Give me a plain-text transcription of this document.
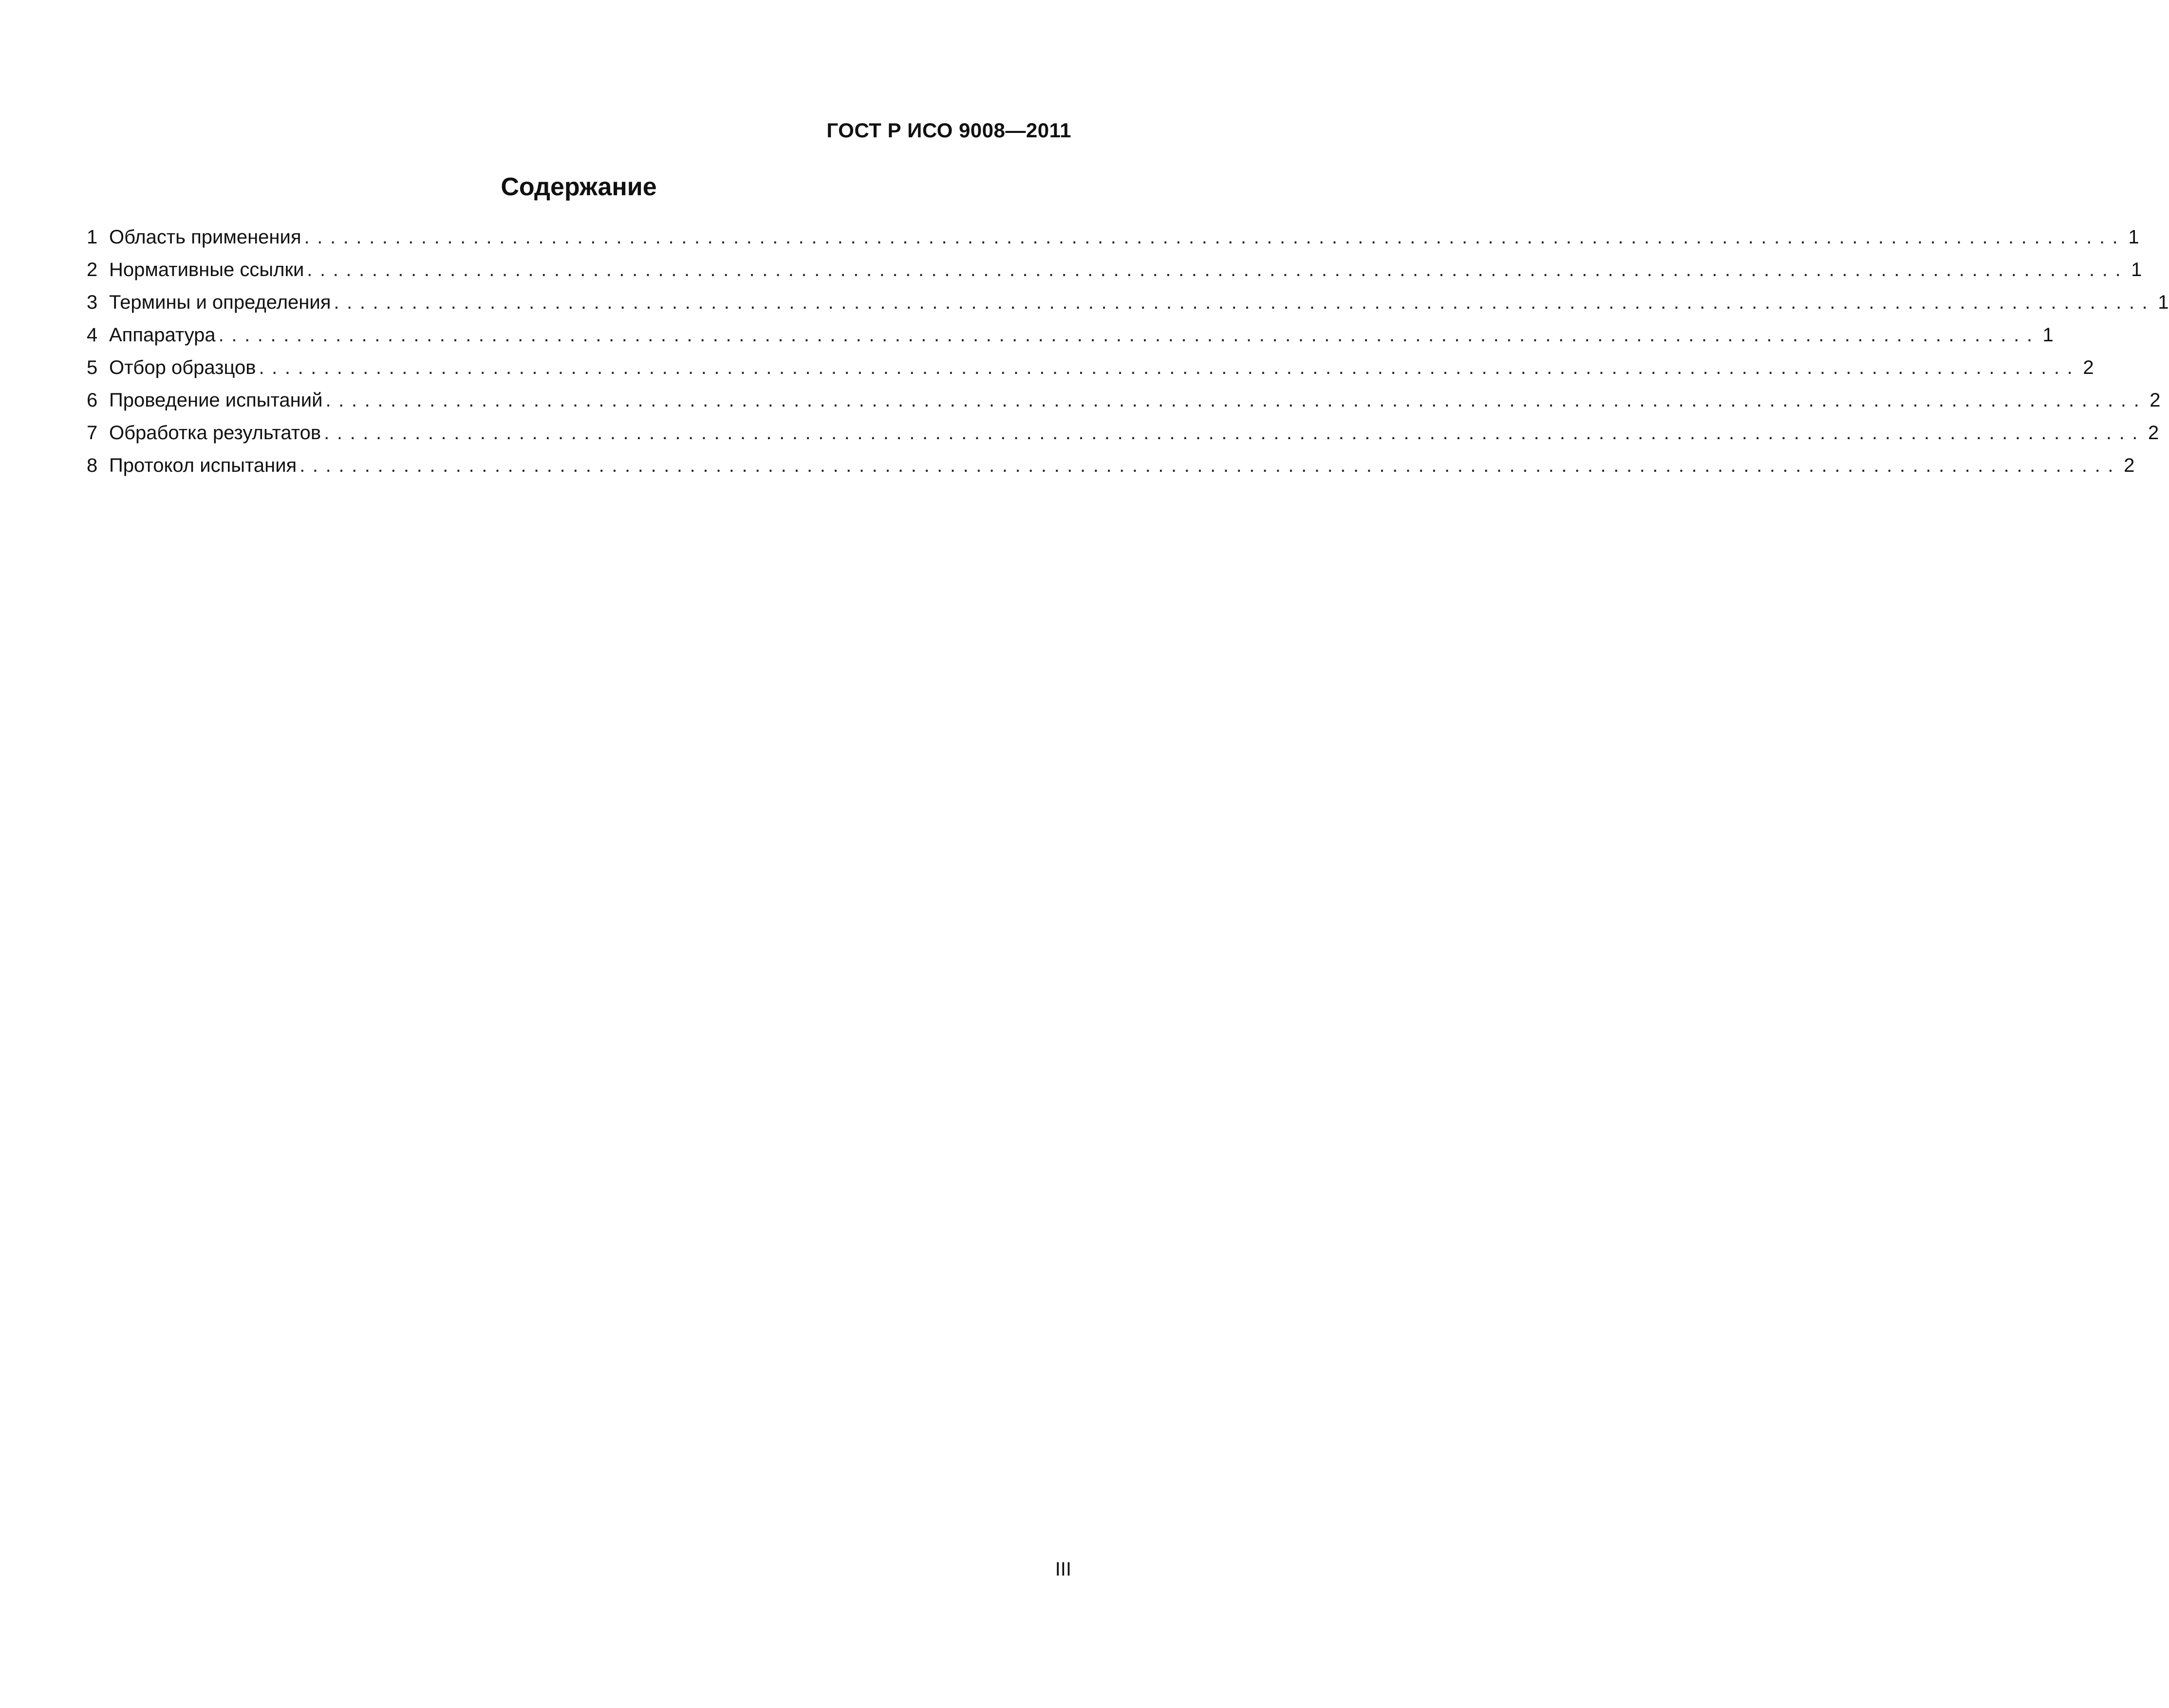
ГОСТ Р ИСО 9008—2011
Содержание
1 Область применения ............................................................................................................................................ 1
2 Нормативные ссылки ............................................................................................................................................ 1
3 Термины и определения ............................................................................................................................................ 1
4 Аппаратура ............................................................................................................................................ 1
5 Отбор образцов ............................................................................................................................................ 2
6 Проведение испытаний ............................................................................................................................................ 2
7 Обработка результатов ............................................................................................................................................ 2
8 Протокол испытания ............................................................................................................................................ 2
III
